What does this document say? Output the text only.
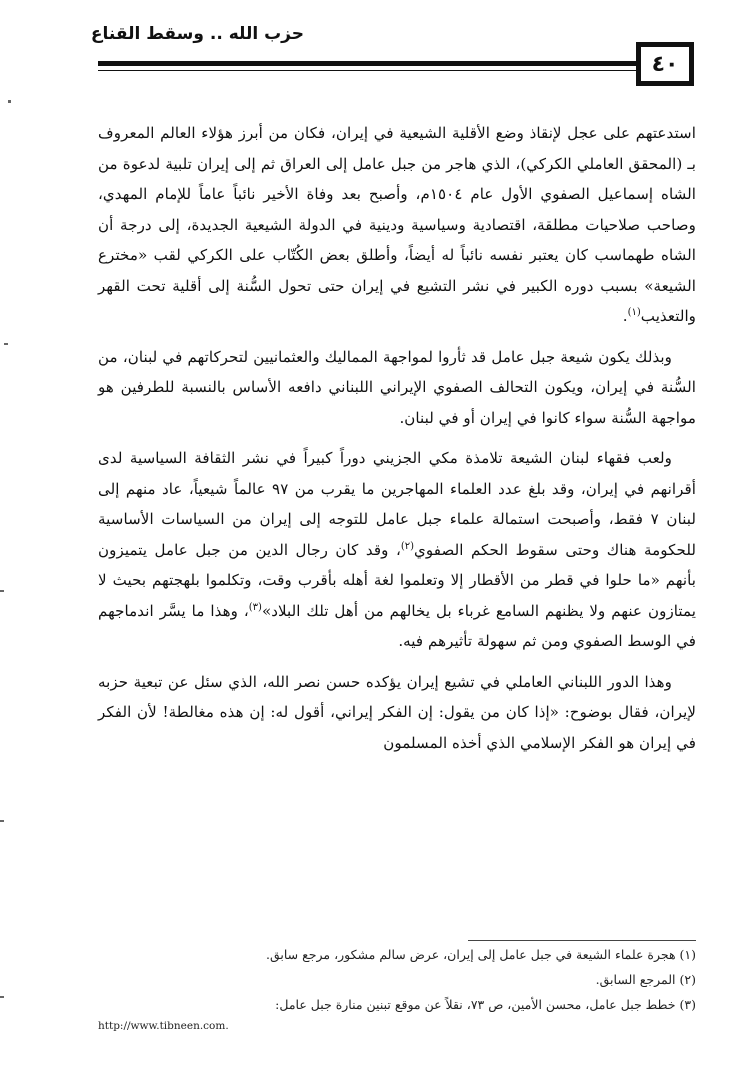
حزب الله .. وسقط القناع
٤٠

استدعتهم على عجل لإنقاذ وضع الأقلية الشيعية في إيران، فكان من أبرز هؤلاء العالم المعروف بـ (المحقق العاملي الكركي)، الذي هاجر من جبل عامل إلى العراق ثم إلى إيران تلبية لدعوة من الشاه إسماعيل الصفوي الأول عام ١٥٠٤م، وأصبح بعد وفاة الأخير نائباً عاماً للإمام المهدي، وصاحب صلاحيات مطلقة، اقتصادية وسياسية ودينية في الدولة الشيعية الجديدة، إلى درجة أن الشاه طهماسب كان يعتبر نفسه نائباً له أيضاً، وأطلق بعض الكُتّاب على الكركي لقب «مخترع الشيعة» بسبب دوره الكبير في نشر التشيع في إيران حتى تحول السُّنة إلى أقلية تحت القهر والتعذيب$^{(١)}$.

وبذلك يكون شيعة جبل عامل قد ثأروا لمواجهة المماليك والعثمانيين لتحركاتهم في لبنان، من السُّنة في إيران، ويكون التحالف الصفوي الإيراني اللبناني دافعه الأساس بالنسبة للطرفين هو مواجهة السُّنة سواء كانوا في إيران أو في لبنان.

ولعب فقهاء لبنان الشيعة تلامذة مكي الجزيني دوراً كبيراً في نشر الثقافة السياسية لدى أقرانهم في إيران، وقد بلغ عدد العلماء المهاجرين ما يقرب من ٩٧ عالماً شيعياً، عاد منهم إلى لبنان ٧ فقط، وأصبحت استمالة علماء جبل عامل للتوجه إلى إيران من السياسات الأساسية للحكومة هناك وحتى سقوط الحكم الصفوي$^{(٢)}$، وقد كان رجال الدين من جبل عامل يتميزون بأنهم «ما حلوا في قطر من الأقطار إلا وتعلموا لغة أهله بأقرب وقت، وتكلموا بلهجتهم بحيث لا يمتازون عنهم ولا يظنهم السامع غرباء بل يخالهم من أهل تلك البلاد»$^{(٣)}$، وهذا ما يسَّر اندماجهم في الوسط الصفوي ومن ثم سهولة تأثيرهم فيه.

وهذا الدور اللبناني العاملي في تشيع إيران يؤكده حسن نصر الله، الذي سئل عن تبعية حزبه لإيران، فقال بوضوح: «إذا كان من يقول: إن الفكر إيراني، أقول له: إن هذه مغالطة! لأن الفكر في إيران هو الفكر الإسلامي الذي أخذه المسلمون

(١) هجرة علماء الشيعة في جبل عامل إلى إيران، عرض سالم مشكور، مرجع سابق.
(٢) المرجع السابق.
(٣) خطط جبل عامل، محسن الأمين، ص ٧٣، نقلاً عن موقع تبنين منارة جبل عامل:
http://www.tibneen.com.
